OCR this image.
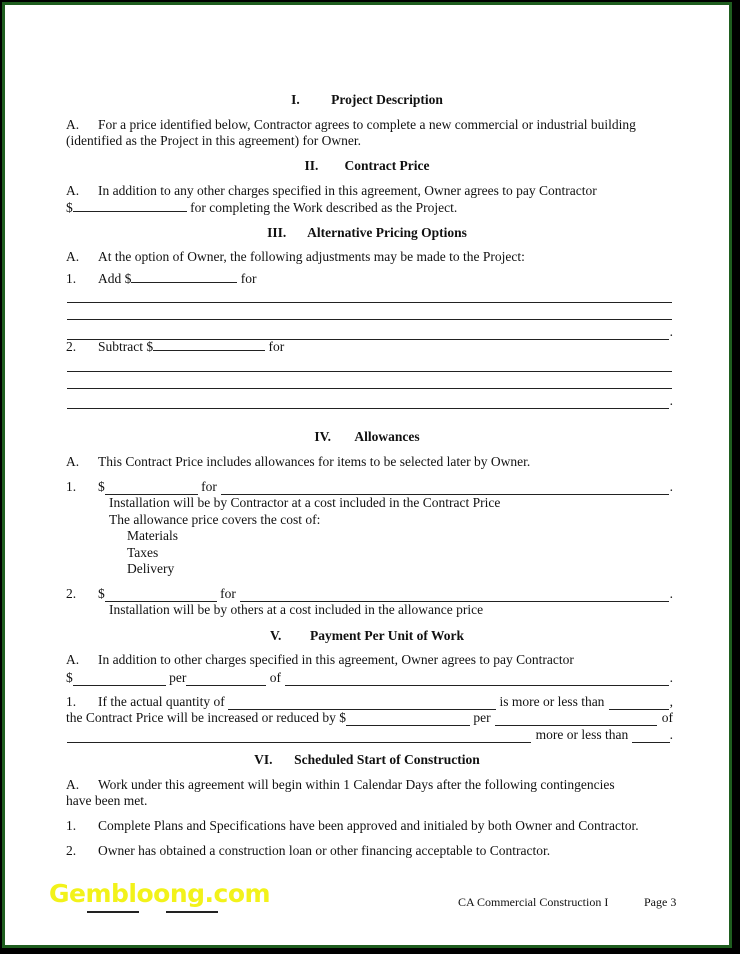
I. Project Description
A. For a price identified below, Contractor agrees to complete a new commercial or industrial building
(identified as the Project in this agreement) for Owner.
II. Contract Price
A. In addition to any other charges specified in this agreement, Owner agrees to pay Contractor
$	for completing the Work described as the Project.
III. Alternative Pricing Options
A. At the option of Owner, the following adjustments may be made to the Project:
1. Add $	for
.
2. Subtract $	for
.
IV. Allowances
A. This Contract Price includes allowances for items to be selected later by Owner.
1.	$
	for
	.
Installation will be by Contractor at a cost included in the Contract Price
The allowance price covers the cost of:
Materials
Taxes
Delivery
2.	$
	for
	.
Installation will be by others at a cost included in the allowance price
V. Payment Per Unit of Work
A. In addition to other charges specified in this agreement, Owner agrees to pay Contractor
$
	per
	of
	.
1.	If the actual quantity of

	is more or less than
	,
the Contract Price will be increased or reduced by $
	per

	of

more or less than
	.
VI. Scheduled Start of Construction
A. Work under this agreement will begin within 1 Calendar Days after the following contingencies
have been met.
1. Complete Plans and Specifications have been approved and initialed by both Owner and Contractor.
2. Owner has obtained a construction loan or other financing acceptable to Contractor.
Gembloong.com	CA Commercial Construction I	Page 3
